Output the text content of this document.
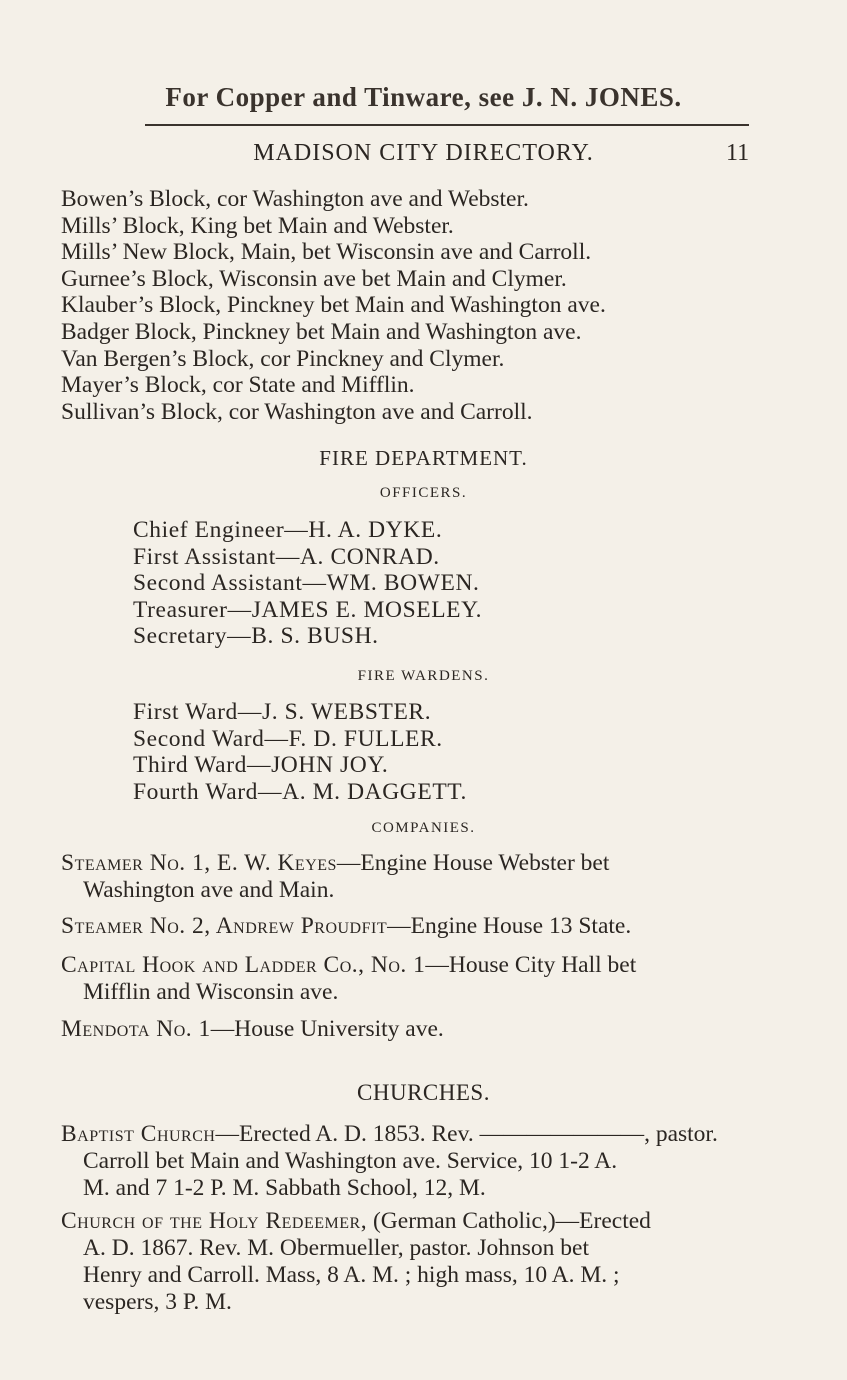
For Copper and Tinware, see J. N. JONES.
MADISON CITY DIRECTORY.	11
Bowen’s Block, cor Washington ave and Webster.
Mills’ Block, King bet Main and Webster.
Mills’ New Block, Main, bet Wisconsin ave and Carroll.
Gurnee’s Block, Wisconsin ave bet Main and Clymer.
Klauber’s Block, Pinckney bet Main and Washington ave.
Badger Block, Pinckney bet Main and Washington ave.
Van Bergen’s Block, cor Pinckney and Clymer.
Mayer’s Block, cor State and Mifflin.
Sullivan’s Block, cor Washington ave and Carroll.
FIRE DEPARTMENT.
OFFICERS.
Chief Engineer—H. A. DYKE.
First Assistant—A. CONRAD.
Second Assistant—WM. BOWEN.
Treasurer—JAMES E. MOSELEY.
Secretary—B. S. BUSH.
FIRE WARDENS.
First Ward—J. S. WEBSTER.
Second Ward—F. D. FULLER.
Third Ward—JOHN JOY.
Fourth Ward—A. M. DAGGETT.
COMPANIES.
Steamer No. 1, E. W. Keyes—Engine House Webster bet
Washington ave and Main.
Steamer No. 2, Andrew Proudfit—Engine House 13 State.
Capital Hook and Ladder Co., No. 1—House City Hall bet
Mifflin and Wisconsin ave.
Mendota No. 1—House University ave.
CHURCHES.
Baptist Church—Erected A. D. 1853. Rev. ———————, pastor.
Carroll bet Main and Washington ave. Service, 10 1-2 A.
M. and 7 1-2 P. M. Sabbath School, 12, M.
Church of the Holy Redeemer, (German Catholic,)—Erected
A. D. 1867. Rev. M. Obermueller, pastor. Johnson bet
Henry and Carroll. Mass, 8 A. M. ; high mass, 10 A. M. ;
vespers, 3 P. M.
